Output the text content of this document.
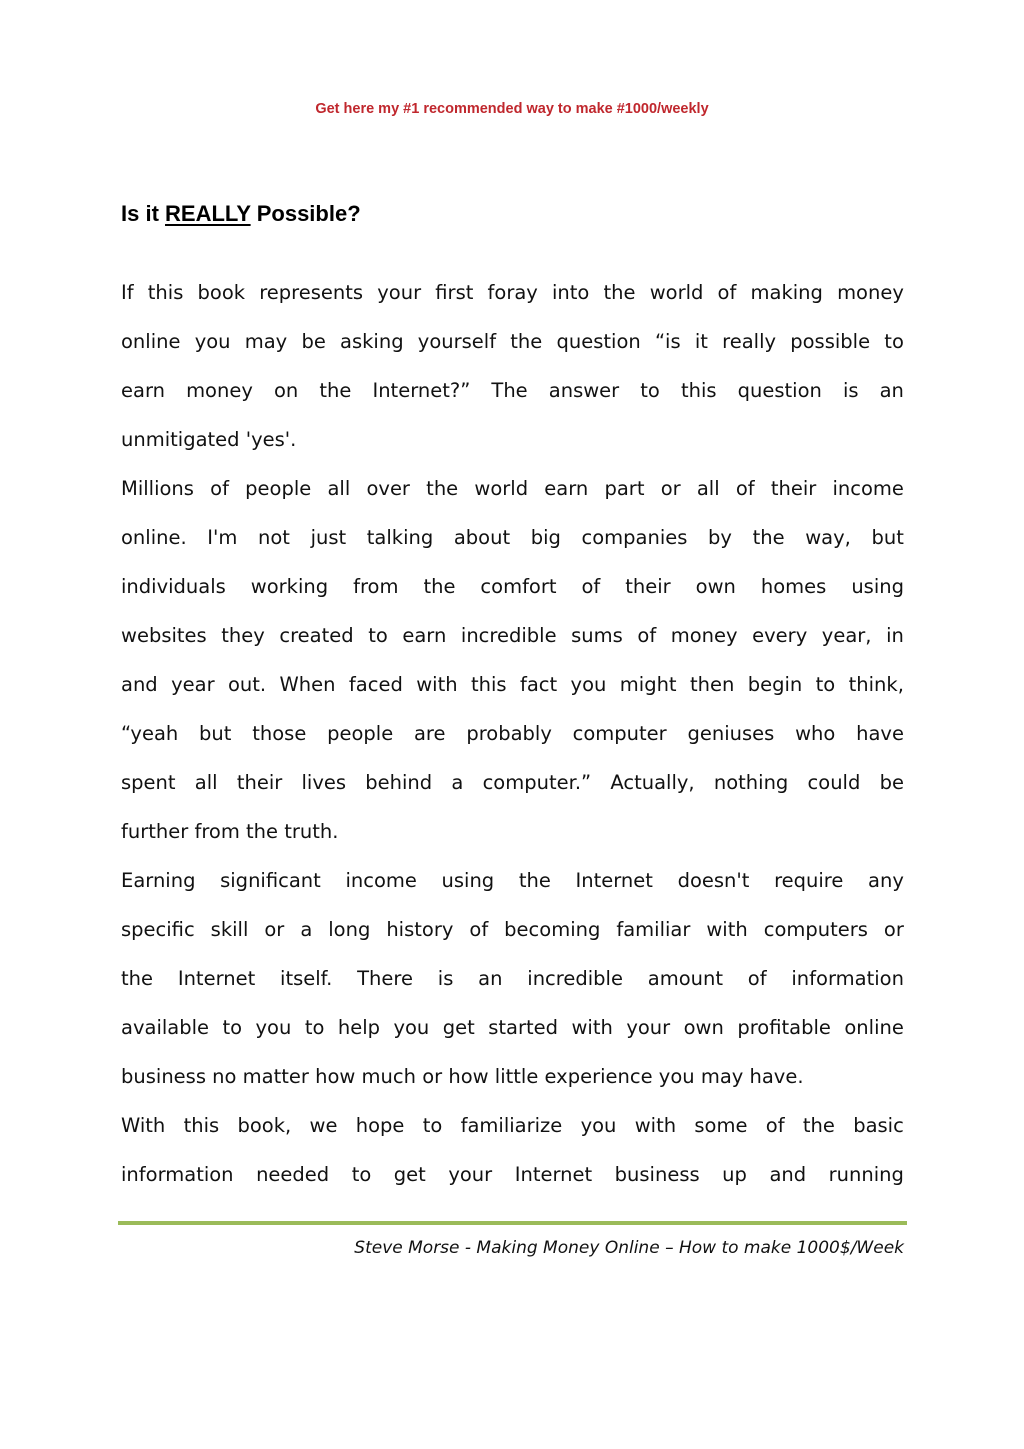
Get here my #1 recommended way to make #1000/weekly
Is it REALLY Possible?
If this book represents your first foray into the world of making money
online you may be asking yourself the question “is it really possible to
earn money on the Internet?” The answer to this question is an
unmitigated 'yes'.
Millions of people all over the world earn part or all of their income
online. I'm not just talking about big companies by the way, but
individuals working from the comfort of their own homes using
websites they created to earn incredible sums of money every year, in
and year out. When faced with this fact you might then begin to think,
“yeah but those people are probably computer geniuses who have
spent all their lives behind a computer.” Actually, nothing could be
further from the truth.
Earning significant income using the Internet doesn't require any
specific skill or a long history of becoming familiar with computers or
the Internet itself. There is an incredible amount of information
available to you to help you get started with your own profitable online
business no matter how much or how little experience you may have.
With this book, we hope to familiarize you with some of the basic
information needed to get your Internet business up and running
Steve Morse - Making Money Online – How to make 1000$/Week
